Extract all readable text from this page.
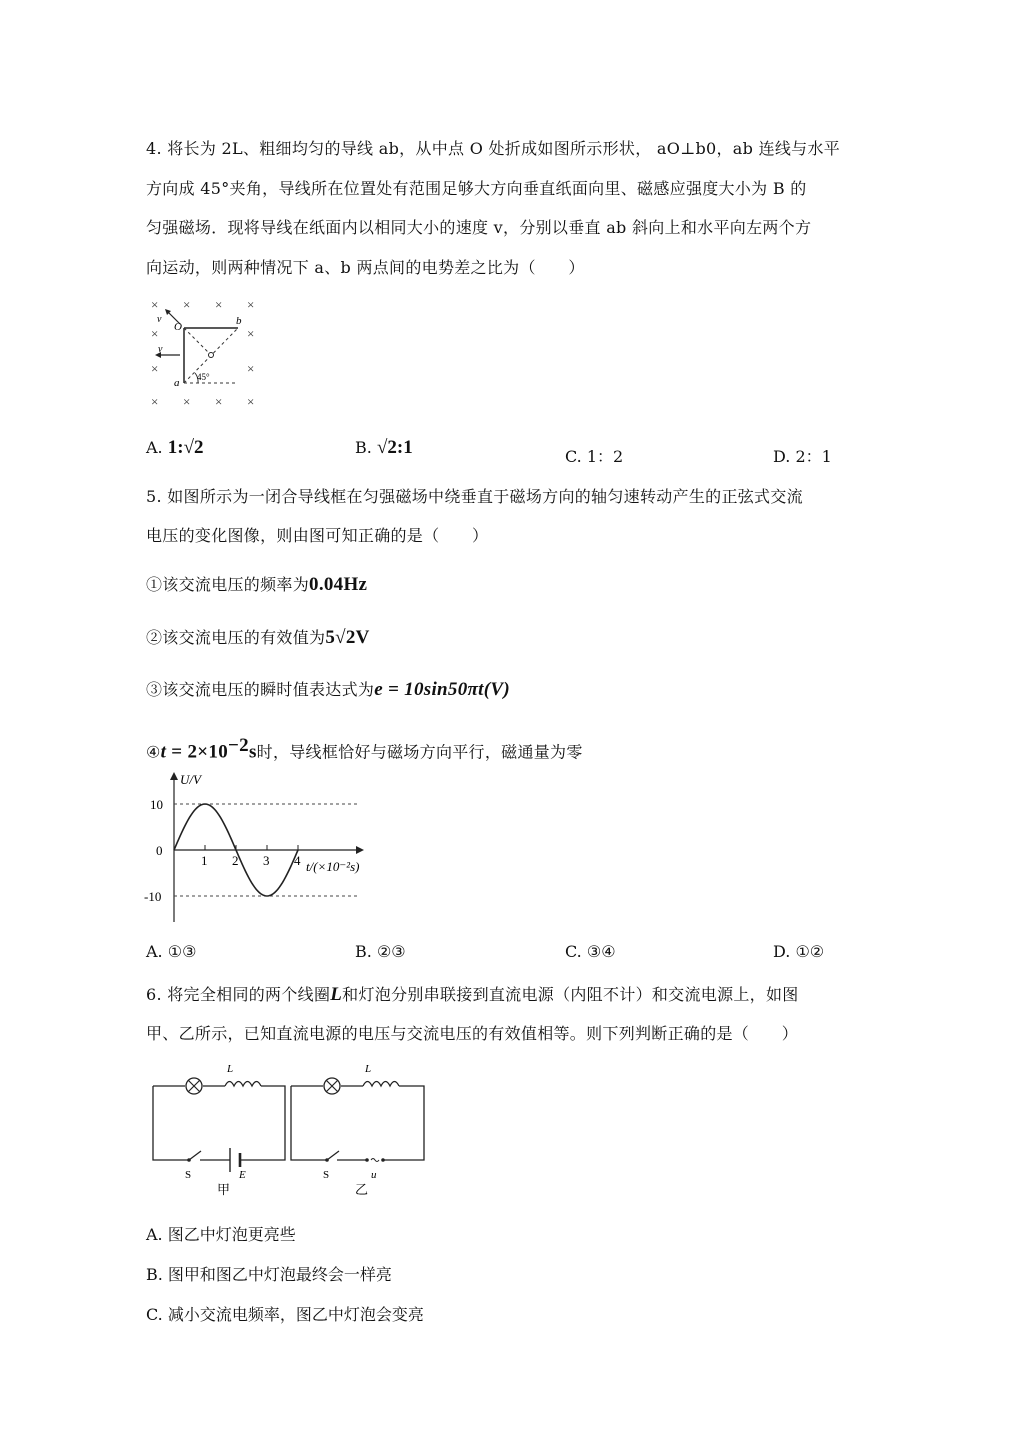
4. 将长为 2L、粗细均匀的导线 ab，从中点 O 处折成如图所示形状， aO⊥b0，ab 连线与水平
方向成 45°夹角，导线所在位置处有范围足够大方向垂直纸面向里、磁感应强度大小为 B 的
匀强磁场．现将导线在纸面内以相同大小的速度 v，分别以垂直 ab 斜向上和水平向左两个方
向运动，则两种情况下 a、b 两点间的电势差之比为（　　）
× × × ×
×	×
×	×
× × × ×
O
a
b
v
v
45°
A. 1:√2	B. √2:1	C. 1：2	D. 2：1
5. 如图所示为一闭合导线框在匀强磁场中绕垂直于磁场方向的轴匀速转动产生的正弦式交流
电压的变化图像，则由图可知正确的是（　　）
①该交流电压的频率为0.04Hz
②该交流电压的有效值为5√2V
③该交流电压的瞬时值表达式为e = 10sin50πt(V)
④t = $2\times 10^{-2}s$时，导线框恰好与磁场方向平行，磁通量为零
1 2 3 4
10
0
-10
U/V
t/(×10⁻²s)
A. ①③	B. ②③	C. ③④	D. ①②
6. 将完全相同的两个线圈L和灯泡分别串联接到直流电源（内阻不计）和交流电源上，如图
甲、乙所示，已知直流电源的电压与交流电压的有效值相等。则下列判断正确的是（　　）
L
S	E
甲
L
S	u
乙
A. 图乙中灯泡更亮些
B. 图甲和图乙中灯泡最终会一样亮
C. 减小交流电频率，图乙中灯泡会变亮
